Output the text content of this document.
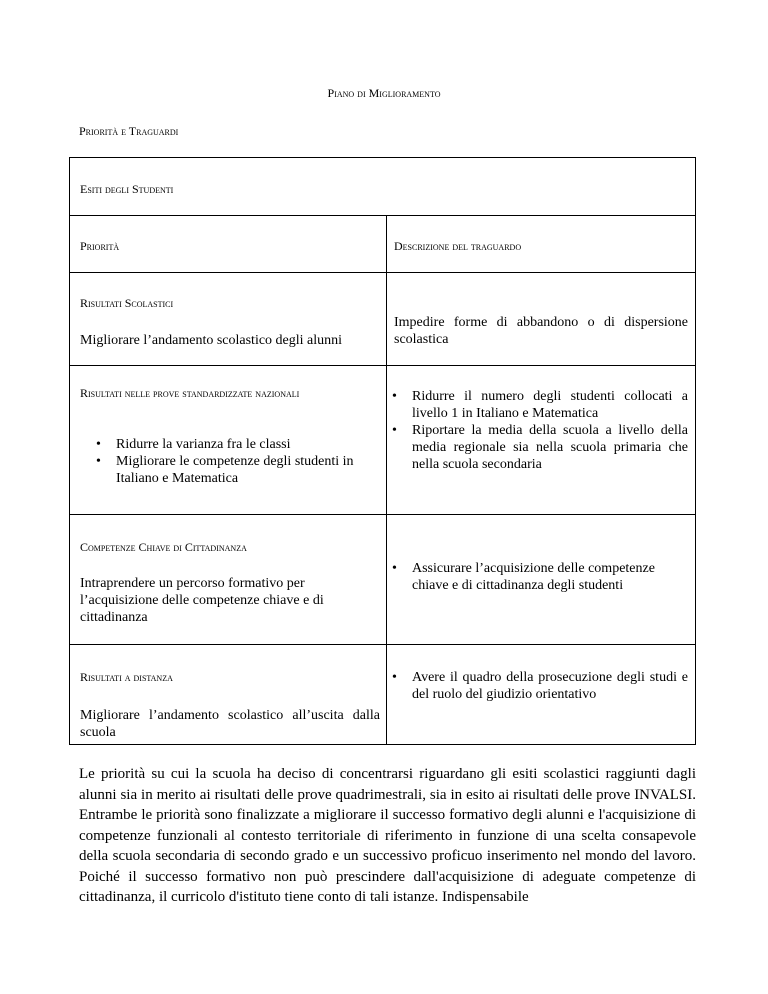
Piano di Miglioramento
Priorità e Traguardi
Esiti degli Studenti
Priorità	Descrizione del traguardo
Risultati Scolastici
Migliorare l’andamento scolastico degli alunni
Impedire forme di abbandono o di dispersione scolastica
Risultati nelle prove standardizzate nazionali
• Ridurre la varianza fra le classi
• Migliorare le competenze degli studenti in Italiano e Matematica
• Ridurre il numero degli studenti collocati a livello 1 in Italiano e Matematica
• Riportare la media della scuola a livello della media regionale sia nella scuola primaria che nella scuola secondaria
Competenze Chiave di Cittadinanza
Intraprendere un percorso formativo per l’acquisizione delle competenze chiave e di cittadinanza
• Assicurare l’acquisizione delle competenze chiave e di cittadinanza degli studenti
Risultati a distanza
Migliorare l’andamento scolastico all’uscita dalla scuola
• Avere il quadro della prosecuzione degli studi e del ruolo del giudizio orientativo
Le priorità su cui la scuola ha deciso di concentrarsi riguardano gli esiti scolastici raggiunti dagli alunni sia in merito ai risultati delle prove quadrimestrali, sia in esito ai risultati delle prove INVALSI. Entrambe le priorità sono finalizzate a migliorare il successo formativo degli alunni e l'acquisizione di competenze funzionali al contesto territoriale di riferimento in funzione di una scelta consapevole della scuola secondaria di secondo grado e un successivo proficuo inserimento nel mondo del lavoro. Poiché il successo formativo non può prescindere dall'acquisizione di adeguate competenze di cittadinanza, il curricolo d'istituto tiene conto di tali istanze. Indispensabile
